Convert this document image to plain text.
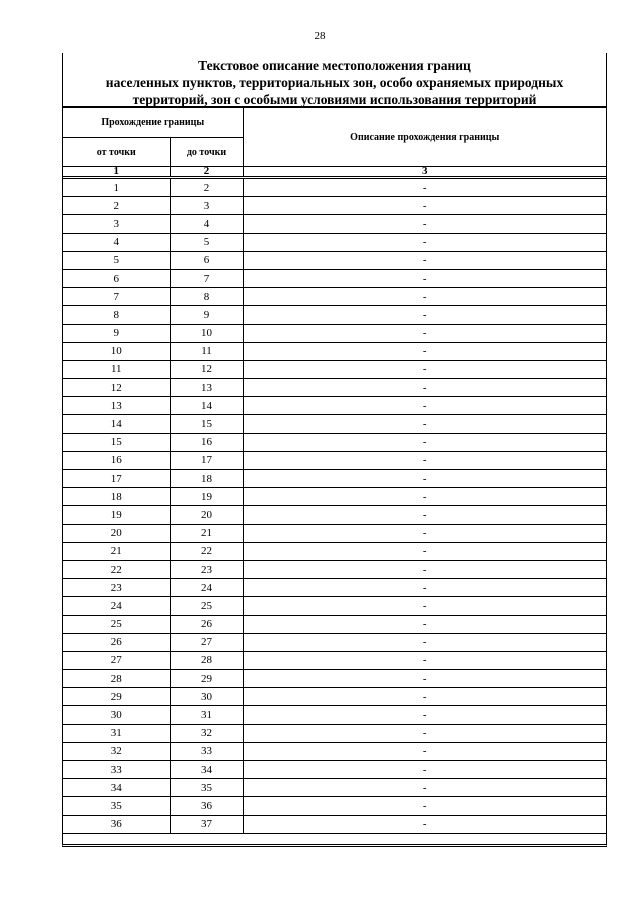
28
Текстовое описание местоположения границ
населенных пунктов, территориальных зон, особо охраняемых природных
территорий, зон с особыми условиями использования территорий
Прохождение границы		Описание прохождения границы
от точки	до точки	
1	2	3
1	2	-
2	3	-
3	4	-
4	5	-
5	6	-
6	7	-
7	8	-
8	9	-
9	10	-
10	11	-
11	12	-
12	13	-
13	14	-
14	15	-
15	16	-
16	17	-
17	18	-
18	19	-
19	20	-
20	21	-
21	22	-
22	23	-
23	24	-
24	25	-
25	26	-
26	27	-
27	28	-
28	29	-
29	30	-
30	31	-
31	32	-
32	33	-
33	34	-
34	35	-
35	36	-
36	37	-
